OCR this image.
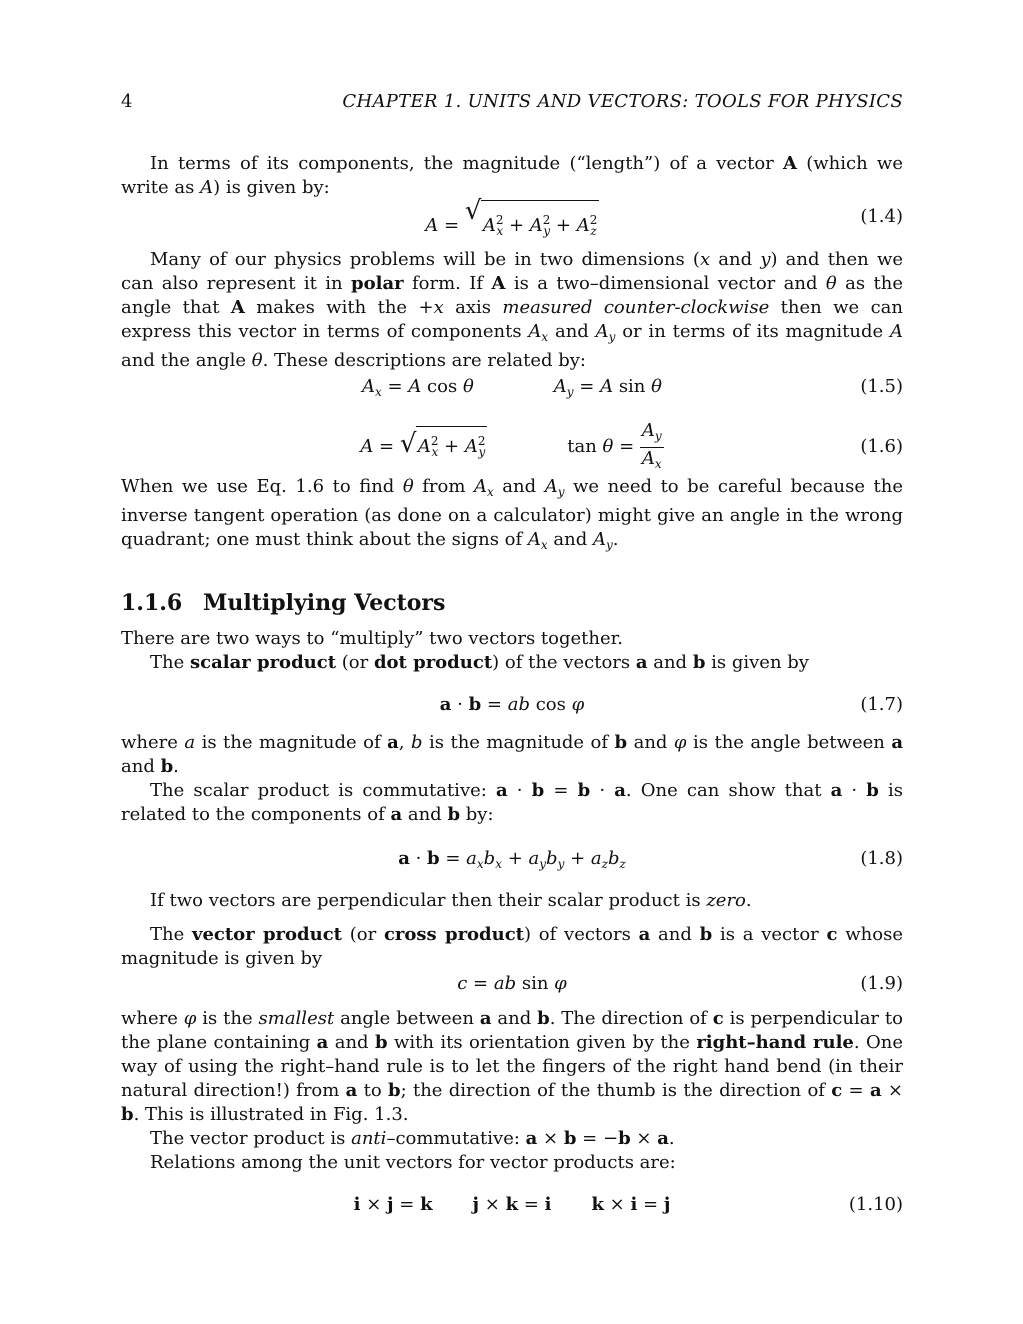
4	CHAPTER 1. UNITS AND VECTORS: TOOLS FOR PHYSICS

In terms of its components, the magnitude (“length”) of a vector A (which we write as A) is given by:

A = √ $A^2_x + A^2_y + A^2_z$
(1.4)

Many of our physics problems will be in two dimensions (x and y) and then we can also represent it in polar form. If A is a two–dimensional vector and θ as the angle that A makes with the +x axis measured counter-clockwise then we can express this vector in terms of components $A_x$ and $A_y$ or in terms of its magnitude A and the angle θ. These descriptions are related by:

$A_x = A$ cos θ	$A_y = A$ sin θ	(1.5)
A = √ $A^2_x + A^2_y$	$\tan \theta = \frac{A_y}{A_x}$	(1.6)

When we use Eq. 1.6 to find θ from $A_x$ and $A_y$ we need to be careful because the inverse tangent operation (as done on a calculator) might give an angle in the wrong quadrant; one must think about the signs of $A_x$ and $A_y$.

1.1.6 Multiplying Vectors

There are two ways to “multiply” two vectors together.

The scalar product (or dot product) of the vectors a and b is given by

a · b = ab cos φ	(1.7)

where a is the magnitude of a, b is the magnitude of b and φ is the angle between a and b.

The scalar product is commutative: a · b = b · a. One can show that a · b is related to the components of a and b by:

$a \cdot b = a_xb_x + a_yb_y + a_zb_z$	(1.8)

If two vectors are perpendicular then their scalar product is zero.

The vector product (or cross product) of vectors a and b is a vector c whose magnitude is given by

c = ab sin φ	(1.9)

where φ is the smallest angle between a and b. The direction of c is perpendicular to the plane containing a and b with its orientation given by the right–hand rule. One way of using the right–hand rule is to let the fingers of the right hand bend (in their natural direction!) from a to b; the direction of the thumb is the direction of c = a × b. This is illustrated in Fig. 1.3.

The vector product is anti–commutative: a × b = −b × a.

Relations among the unit vectors for vector products are:

i × j = k j × k = i k × i = j	(1.10)
